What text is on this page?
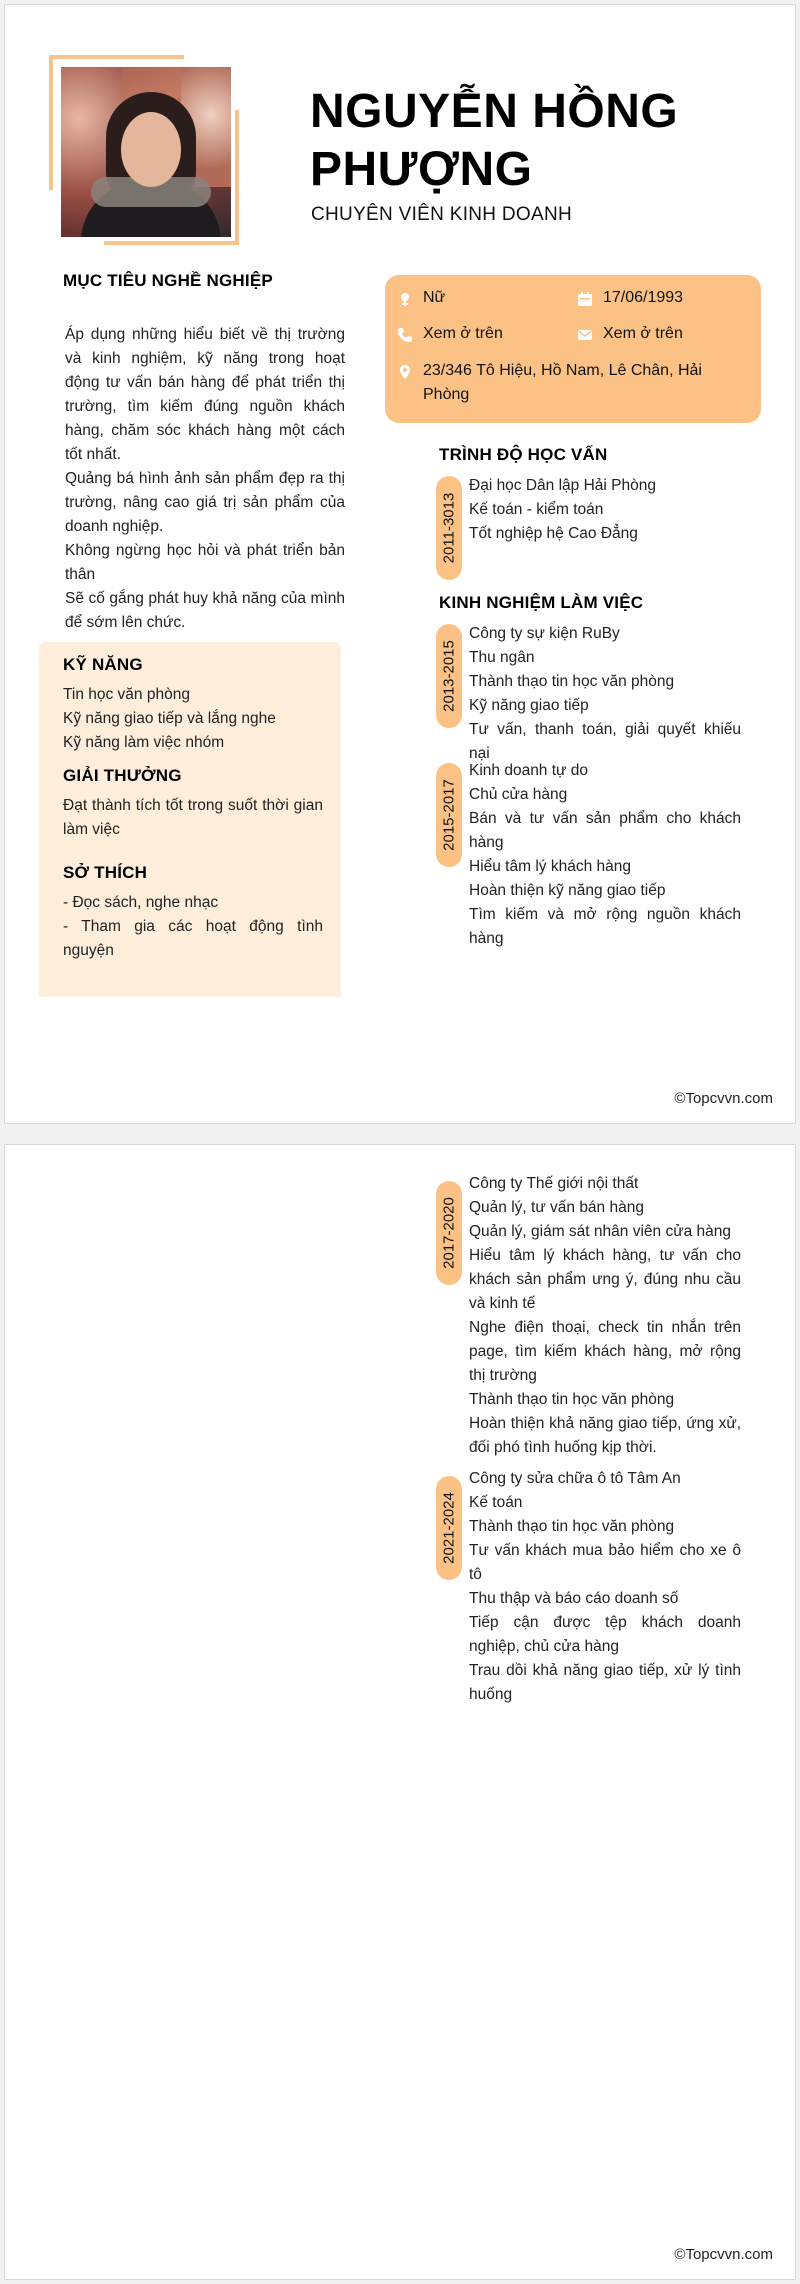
NGUYỄN HỒNG
PHƯỢNG
CHUYÊN VIÊN KINH DOANH
MỤC TIÊU NGHỀ NGHIỆP

Áp dụng những hiểu biết về thị trường và kinh nghiệm, kỹ năng trong hoạt động tư vấn bán hàng để phát triển thị trường, tìm kiếm đúng nguồn khách hàng, chăm sóc khách hàng một cách tốt nhất.

Quảng bá hình ảnh sản phẩm đẹp ra thị trường, nâng cao giá trị sản phẩm của doanh nghiệp.

Không ngừng học hỏi và phát triển bản thân

Sẽ cố gắng phát huy khả năng của mình để sớm lên chức.

KỸ NĂNG
Tin học văn phòng
Kỹ năng giao tiếp và lắng nghe
Kỹ năng làm việc nhóm
GIẢI THƯỞNG
Đạt thành tích tốt trong suốt thời gian làm việc
SỞ THÍCH
- Đọc sách, nghe nhạc
- Tham gia các hoạt động tình nguyện
Nữ	17/06/1993
Xem ở trên	Xem ở trên
23/346 Tô Hiệu, Hồ Nam, Lê Chân, Hải Phòng
TRÌNH ĐỘ HỌC VẤN
2011-3013
Đại học Dân lập Hải Phòng
Kế toán - kiểm toán
Tốt nghiệp hệ Cao Đẳng
KINH NGHIỆM LÀM VIỆC
2013-2015
Công ty sự kiện RuBy
Thu ngân
Thành thạo tin học văn phòng
Kỹ năng giao tiếp
Tư vấn, thanh toán, giải quyết khiếu nại
2015-2017
Kinh doanh tự do
Chủ cửa hàng
Bán và tư vấn sản phẩm cho khách hàng
Hiểu tâm lý khách hàng
Hoàn thiện kỹ năng giao tiếp
Tìm kiếm và mở rộng nguồn khách hàng
©Topcvvn.com
2017-2020
Công ty Thế giới nội thất
Quản lý, tư vấn bán hàng
Quản lý, giám sát nhân viên cửa hàng
Hiểu tâm lý khách hàng, tư vấn cho khách sản phẩm ưng ý, đúng nhu cầu và kinh tế
Nghe điện thoại, check tin nhắn trên page, tìm kiếm khách hàng, mở rộng thị trường
Thành thạo tin học văn phòng
Hoàn thiện khả năng giao tiếp, ứng xử, đối phó tình huống kịp thời.
2021-2024
Công ty sửa chữa ô tô Tâm An
Kế toán
Thành thạo tin học văn phòng
Tư vấn khách mua bảo hiểm cho xe ô tô
Thu thập và báo cáo doanh số
Tiếp cận được tệp khách doanh nghiệp, chủ cửa hàng
Trau dồi khả năng giao tiếp, xử lý tình huống
©Topcvvn.com
